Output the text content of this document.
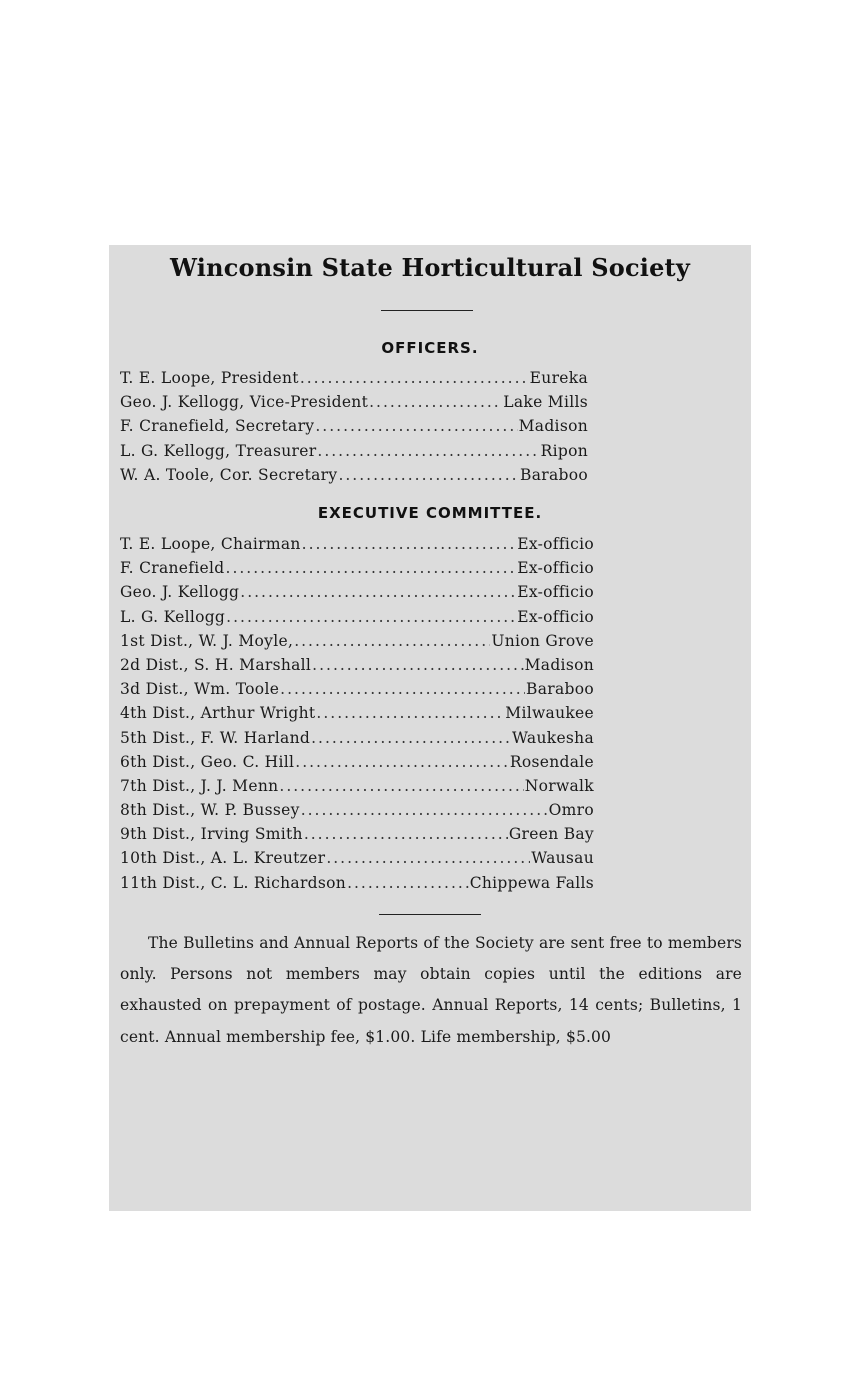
Winconsin State Horticultural Society
OFFICERS.
T. E. Loope, President .....	Eureka
Geo. J. Kellogg, Vice-President .....	Lake Mills
F. Cranefield, Secretary .....	Madison
L. G. Kellogg, Treasurer .....	Ripon
W. A. Toole, Cor. Secretary .....	Baraboo
EXECUTIVE COMMITTEE.
T. E. Loope, Chairman .....	Ex-officio
F. Cranefield .....	Ex-officio
Geo. J. Kellogg .....	Ex-officio
L. G. Kellogg .....	Ex-officio
1st Dist., W. J. Moyle, .....	Union Grove
2d Dist., S. H. Marshall .....	Madison
3d Dist., Wm. Toole .....	Baraboo
4th Dist., Arthur Wright .....	Milwaukee
5th Dist., F. W. Harland .....	Waukesha
6th Dist., Geo. C. Hill .....	Rosendale
7th Dist., J. J. Menn .....	Norwalk
8th Dist., W. P. Bussey .....	Omro
9th Dist., Irving Smith .....	Green Bay
10th Dist., A. L. Kreutzer .....	Wausau
11th Dist., C. L. Richardson .....	Chippewa Falls
The Bulletins and Annual Reports of the Society are sent free to members only. Persons not members may obtain copies until the editions are exhausted on prepayment of postage. Annual Reports, 14 cents; Bulletins, 1 cent. Annual membership fee, $1.00. Life membership, $5.00
